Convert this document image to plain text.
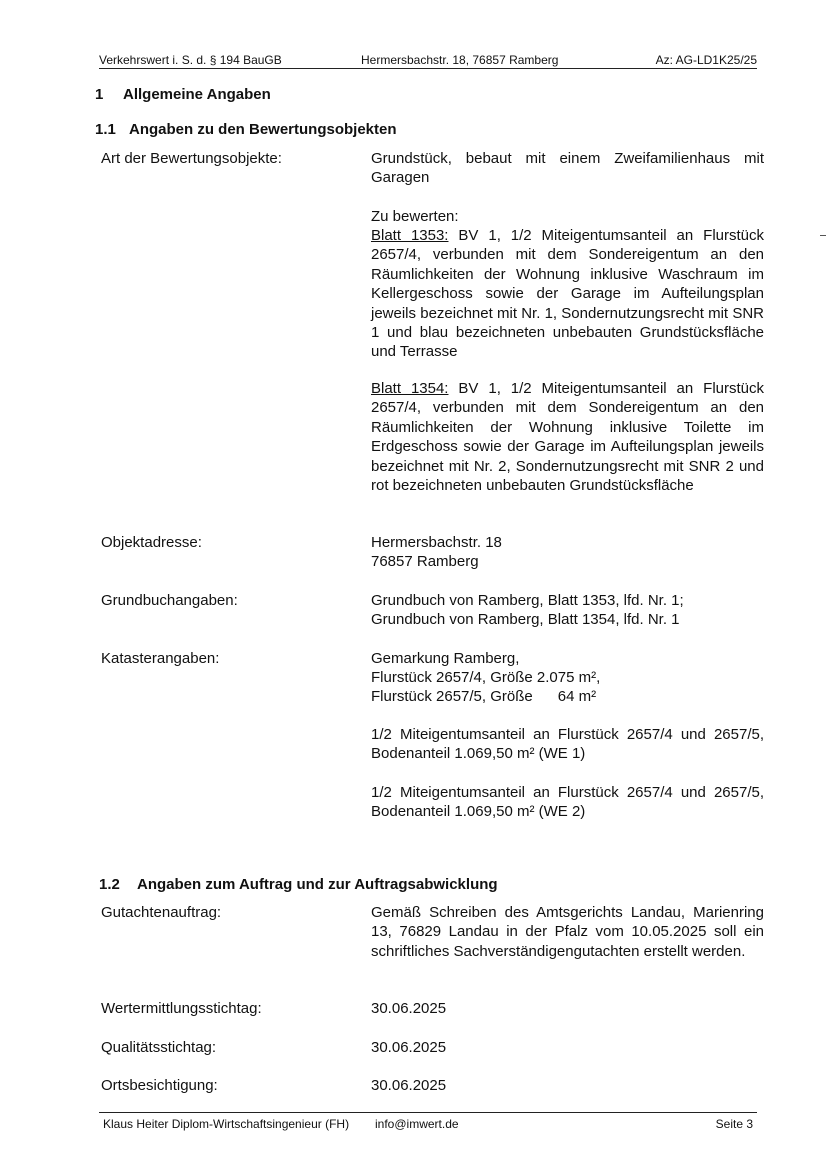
Verkehrswert i. S. d. § 194 BauGB	Hermersbachstr. 18, 76857 Ramberg	Az: AG-LD1K25/25
1 Allgemeine Angaben
1.1 Angaben zu den Bewertungsobjekten
Art der Bewertungsobjekte:	Grundstück, bebaut mit einem Zweifamilienhaus mit Garagen

Zu bewerten:

Blatt 1353: BV 1, 1/2 Miteigentumsanteil an Flurstück 2657/4, verbunden mit dem Sondereigentum an den Räumlichkeiten der Wohnung inklusive Waschraum im Kellergeschoss sowie der Garage im Aufteilungsplan jeweils bezeichnet mit Nr. 1, Sondernutzungsrecht mit SNR 1 und blau bezeichneten unbebauten Grundstücksfläche und Terrasse

Blatt 1354: BV 1, 1/2 Miteigentumsanteil an Flurstück 2657/4, verbunden mit dem Sondereigentum an den Räumlichkeiten der Wohnung inklusive Toilette im Erdgeschoss sowie der Garage im Aufteilungsplan jeweils bezeichnet mit Nr. 2, Sondernutzungsrecht mit SNR 2 und rot bezeichneten unbebauten Grundstücksfläche

Objektadresse:	Hermersbachstr. 18

76857 Ramberg

Grundbuchangaben:	Grundbuch von Ramberg, Blatt 1353, lfd. Nr. 1;

Grundbuch von Ramberg, Blatt 1354, lfd. Nr. 1

Katasterangaben:	Gemarkung Ramberg,

Flurstück 2657/4, Größe 2.075 m²,

Flurstück 2657/5, Größe      64 m²

1/2 Miteigentumsanteil an Flurstück 2657/4 und 2657/5, Bodenanteil 1.069,50 m² (WE 1)

1/2 Miteigentumsanteil an Flurstück 2657/4 und 2657/5, Bodenanteil 1.069,50 m² (WE 2)

1.2 Angaben zum Auftrag und zur Auftragsabwicklung
Gutachtenauftrag:	Gemäß Schreiben des Amtsgerichts Landau, Marienring 13, 76829 Landau in der Pfalz vom 10.05.2025 soll ein schriftliches Sachverständigengutachten erstellt werden.

Wertermittlungsstichtag:	30.06.2025

Qualitätsstichtag:	30.06.2025

Ortsbesichtigung:	30.06.2025

Klaus Heiter Diplom-Wirtschaftsingenieur (FH) info@imwert.de	Seite 3
